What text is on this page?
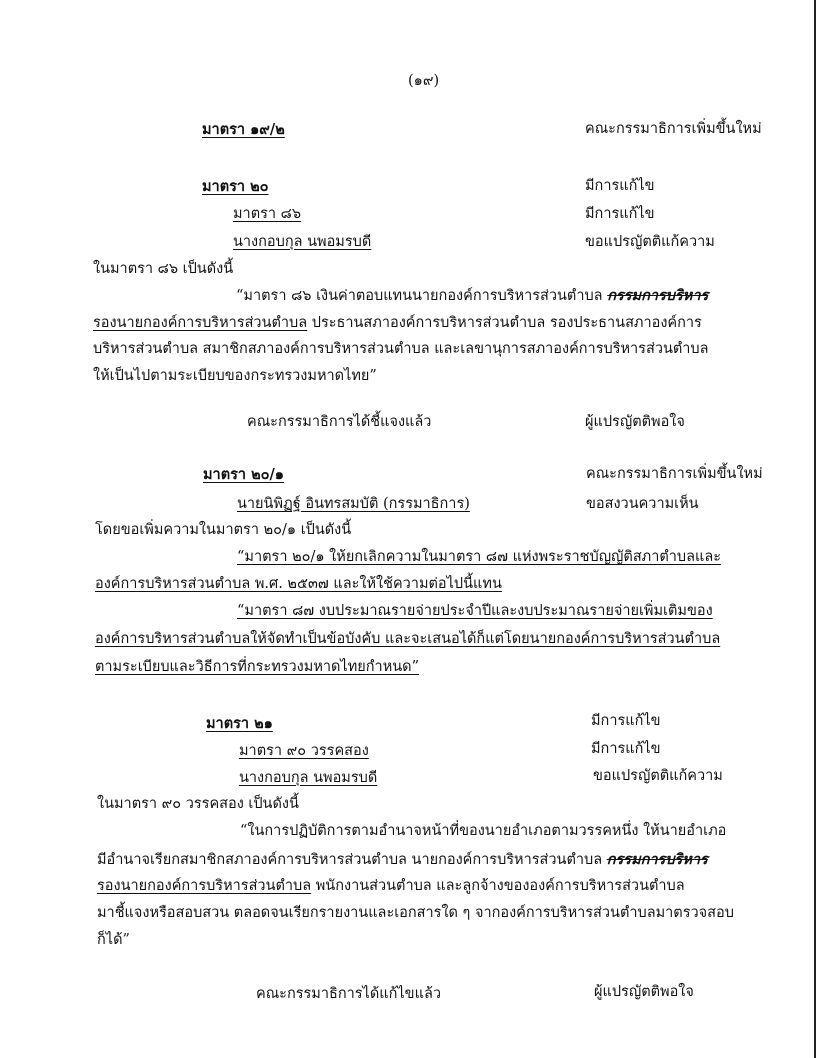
(๑๙)
มาตรา ๑๙/๒	คณะกรรมาธิการเพิ่มขึ้นใหม่
มาตรา ๒๐	มีการแก้ไข
มาตรา ๘๖	มีการแก้ไข
นางกอบกุล นพอมรบดี	ขอแปรญัตติแก้ความ
ในมาตรา ๘๖ เป็นดังนี้
“มาตรา ๘๖ เงินค่าตอบแทนนายกองค์การบริหารส่วนตำบล กรรมการบริหาร
รองนายกองค์การบริหารส่วนตำบล ประธานสภาองค์การบริหารส่วนตำบล รองประธานสภาองค์การ
บริหารส่วนตำบล สมาชิกสภาองค์การบริหารส่วนตำบล และเลขานุการสภาองค์การบริหารส่วนตำบล
ให้เป็นไปตามระเบียบของกระทรวงมหาดไทย”
คณะกรรมาธิการได้ชี้แจงแล้ว	ผู้แปรญัตติพอใจ
มาตรา ๒๐/๑	คณะกรรมาธิการเพิ่มขึ้นใหม่
นายนิพิฏฐ์ อินทรสมบัติ (กรรมาธิการ)	ขอสงวนความเห็น
โดยขอเพิ่มความในมาตรา ๒๐/๑ เป็นดังนี้
“มาตรา ๒๐/๑ ให้ยกเลิกความในมาตรา ๘๗ แห่งพระราชบัญญัติสภาตำบลและ
องค์การบริหารส่วนตำบล พ.ศ. ๒๕๓๗ และให้ใช้ความต่อไปนี้แทน
“มาตรา ๘๗ งบประมาณรายจ่ายประจำปีและงบประมาณรายจ่ายเพิ่มเติมของ
องค์การบริหารส่วนตำบลให้จัดทำเป็นข้อบังคับ และจะเสนอได้ก็แต่โดยนายกองค์การบริหารส่วนตำบล
ตามระเบียบและวิธีการที่กระทรวงมหาดไทยกำหนด”
มาตรา ๒๑	มีการแก้ไข
มาตรา ๙๐ วรรคสอง	มีการแก้ไข
นางกอบกุล นพอมรบดี	ขอแปรญัตติแก้ความ
ในมาตรา ๙๐ วรรคสอง เป็นดังนี้
“ในการปฏิบัติการตามอำนาจหน้าที่ของนายอำเภอตามวรรคหนึ่ง ให้นายอำเภอ
มีอำนาจเรียกสมาชิกสภาองค์การบริหารส่วนตำบล นายกองค์การบริหารส่วนตำบล กรรมการบริหาร
รองนายกองค์การบริหารส่วนตำบล พนักงานส่วนตำบล และลูกจ้างขององค์การบริหารส่วนตำบล
มาชี้แจงหรือสอบสวน ตลอดจนเรียกรายงานและเอกสารใด ๆ จากองค์การบริหารส่วนตำบลมาตรวจสอบ
ก็ได้”
คณะกรรมาธิการได้แก้ไขแล้ว	ผู้แปรญัตติพอใจ
